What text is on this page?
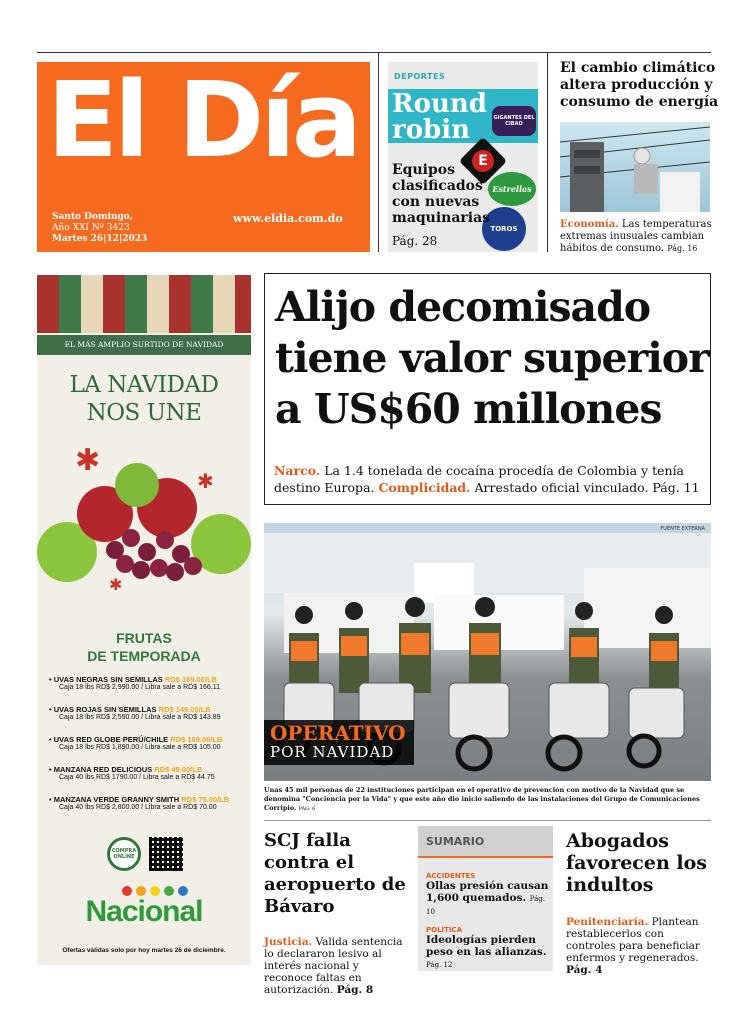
El Día
Santo Domingo,
Año XXI Nº 3423
Martes 26|12|2023
www.eldia.com.do
DEPORTES
Round robin	GIGANTES DEL CIBAO
E
Estrellas
TOROS
Equipos clasificados con nuevas maquinarias
Pág. 28
El cambio climático altera producción y consumo de energía
Economía. Las temperaturas extremas inusuales cambian hábitos de consumo. Pág. 16
EL MÁS AMPLIO SURTIDO DE NAVIDAD
LA NAVIDAD
NOS UNE
✱
✱
✱
FRUTAS
DE TEMPORADA
• UVAS NEGRAS SIN SEMILLAS RD$ 169.00/LB
Caja 18 lbs RD$ 2,990.00 / Libra sale a RD$ 166.11
• UVAS ROJAS SIN SEMILLAS RD$ 149.00/LB
Caja 18 lbs RD$ 2,590.00 / Libra sale a RD$ 143.89
• UVAS RED GLOBE PERÚ/CHILE RD$ 109.00/LB
Caja 18 lbs RD$ 1,890.00 / Libra sale a RD$ 105.00
• MANZANA RED DELICIOUS RD$ 49.00/LB
Caja 40 lbs RD$ 1790.00 / Libra sale a RD$ 44.75
• MANZANA VERDE GRANNY SMITH RD$ 75.00/LB
Caja 40 lbs RD$ 2,800.00 / Libra sale a RD$ 70.00
COMPRA ONLINE
Nacional
Ofertas válidas solo por hoy martes 26 de diciembre.
Alijo decomisado tiene valor superior a US$60 millones
Narco. La 1.4 tonelada de cocaína procedía de Colombia y tenía destino Europa. Complicidad. Arrestado oficial vinculado. Pág. 11
FUENTE EXTERNA
OPERATIVO
POR NAVIDAD
Unas 45 mil personas de 22 instituciones participan en el operativo de prevención con motivo de la Navidad que se denomina "Conciencia por la Vida" y que este año dio inicio saliendo de las instalaciones del Grupo de Comunicaciones Corripio. PÁG. 6
SCJ falla contra el aeropuerto de Bávaro
Justicia. Valida sentencia lo declararon lesivo al interés nacional y reconoce faltas en autorización. Pág. 8
SUMARIO
ACCIDENTES
Ollas presión causan 1,600 quemados. Pág. 10
POLÍTICA
Ideologías pierden peso en las alianzas. Pág. 12
Abogados favorecen los indultos
Penitenciaría. Plantean restablecerlos con controles para beneficiar enfermos y regenerados. Pág. 4
